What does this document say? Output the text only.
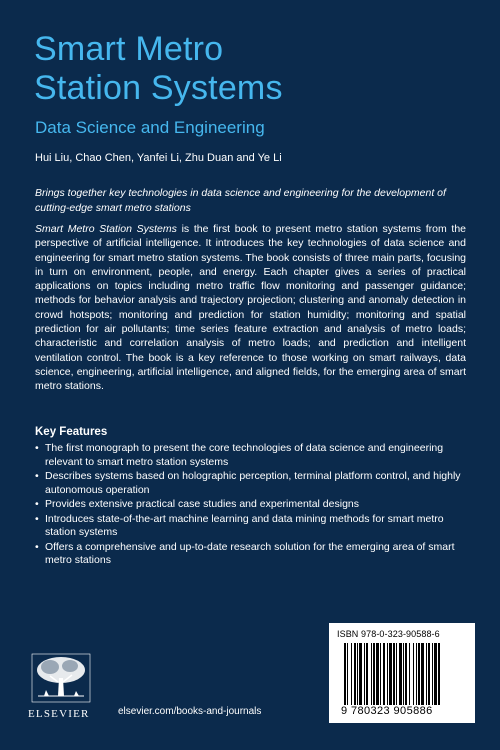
Smart Metro
Station Systems
Data Science and Engineering
Hui Liu, Chao Chen, Yanfei Li, Zhu Duan and Ye Li

Brings together key technologies in data science and engineering for the development of cutting-edge smart metro stations

Smart Metro Station Systems is the first book to present metro station systems from the perspective of artificial intelligence. It introduces the key technologies of data science and engineering for smart metro station systems. The book consists of three main parts, focusing in turn on environment, people, and energy. Each chapter gives a series of practical applications on topics including metro traffic flow monitoring and passenger guidance; methods for behavior analysis and trajectory projection; clustering and anomaly detection in crowd hotspots; monitoring and prediction for station humidity; monitoring and spatial prediction for air pollutants; time series feature extraction and analysis of metro loads; characteristic and correlation analysis of metro loads; and prediction and intelligent ventilation control. The book is a key reference to those working on smart railways, data science, engineering, artificial intelligence, and aligned fields, for the emerging area of smart metro stations.

Key Features
• The first monograph to present the core technologies of data science and engineering relevant to smart metro station systems
• Describes systems based on holographic perception, terminal platform control, and highly autonomous operation
• Provides extensive practical case studies and experimental designs
• Introduces state-of-the-art machine learning and data mining methods for smart metro station systems
• Offers a comprehensive and up-to-date research solution for the emerging area of smart metro stations
ELSEVIER	elsevier.com/books-and-journals
ISBN 978-0-323-90588-6
9 780323 905886
